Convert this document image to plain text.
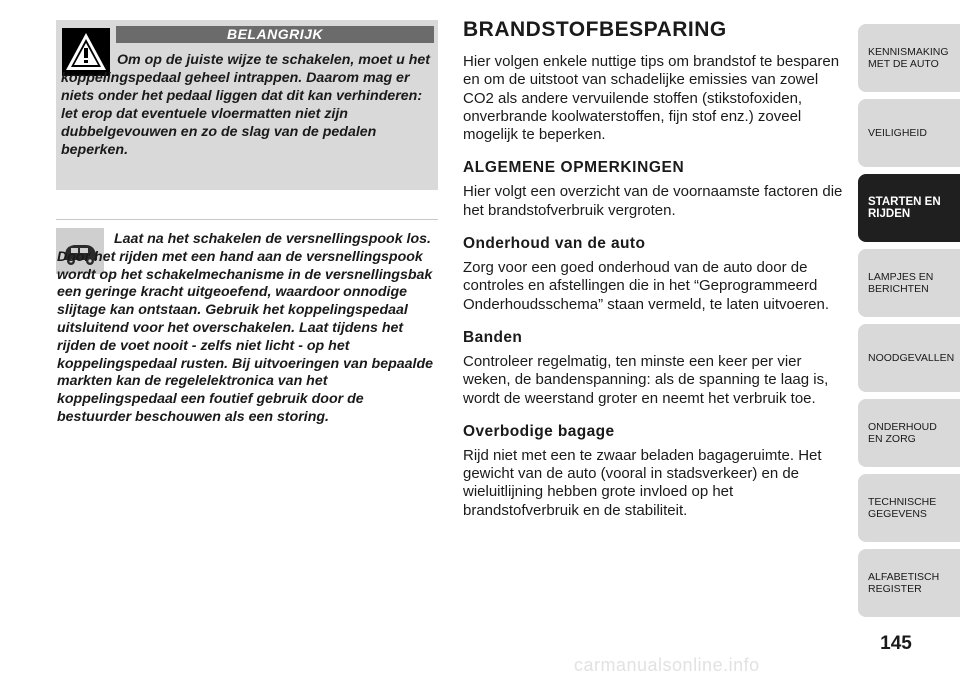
BELANGRIJK

Om op de juiste wijze te schakelen, moet u het koppelingspedaal geheel intrappen. Daarom mag er niets onder het pedaal liggen dat dit kan verhinderen: let erop dat eventuele vloermatten niet zijn dubbelgevouwen en zo de slag van de pedalen beperken.

Laat na het schakelen de versnellingspook los. Door het rijden met een hand aan de versnellingspook wordt op het schakelmechanisme in de versnellingsbak een geringe kracht uitgeoefend, waardoor onnodige slijtage kan ontstaan. Gebruik het koppelingspedaal uitsluitend voor het overschakelen. Laat tijdens het rijden de voet nooit - zelfs niet licht - op het koppelingspedaal rusten. Bij uitvoeringen van bepaalde markten kan de regelelektronica van het koppelingspedaal een foutief gebruik door de bestuurder beschouwen als een storing.

BRANDSTOFBESPARING

Hier volgen enkele nuttige tips om brandstof te besparen en om de uitstoot van schadelijke emissies van zowel CO2 als andere vervuilende stoffen (stikstofoxiden, onverbrande koolwaterstoffen, fijn stof enz.) zoveel mogelijk te beperken.

ALGEMENE OPMERKINGEN

Hier volgt een overzicht van de voornaamste factoren die het brandstofverbruik vergroten.

Onderhoud van de auto

Zorg voor een goed onderhoud van de auto door de controles en afstellingen die in het “Geprogrammeerd Onderhoudsschema” staan vermeld, te laten uitvoeren.

Banden

Controleer regelmatig, ten minste een keer per vier weken, de bandenspanning: als de spanning te laag is, wordt de weerstand groter en neemt het verbruik toe.

Overbodige bagage

Rijd niet met een te zwaar beladen bagageruimte. Het gewicht van de auto (vooral in stadsverkeer) en de wieluitlijning hebben grote invloed op het brandstofverbruik en de stabiliteit.

KENNISMAKING MET DE AUTO
VEILIGHEID
STARTEN EN RIJDEN
LAMPJES EN BERICHTEN
NOODGEVALLEN
ONDERHOUD EN ZORG
TECHNISCHE GEGEVENS
ALFABETISCH REGISTER
145
carmanualsonline.info
